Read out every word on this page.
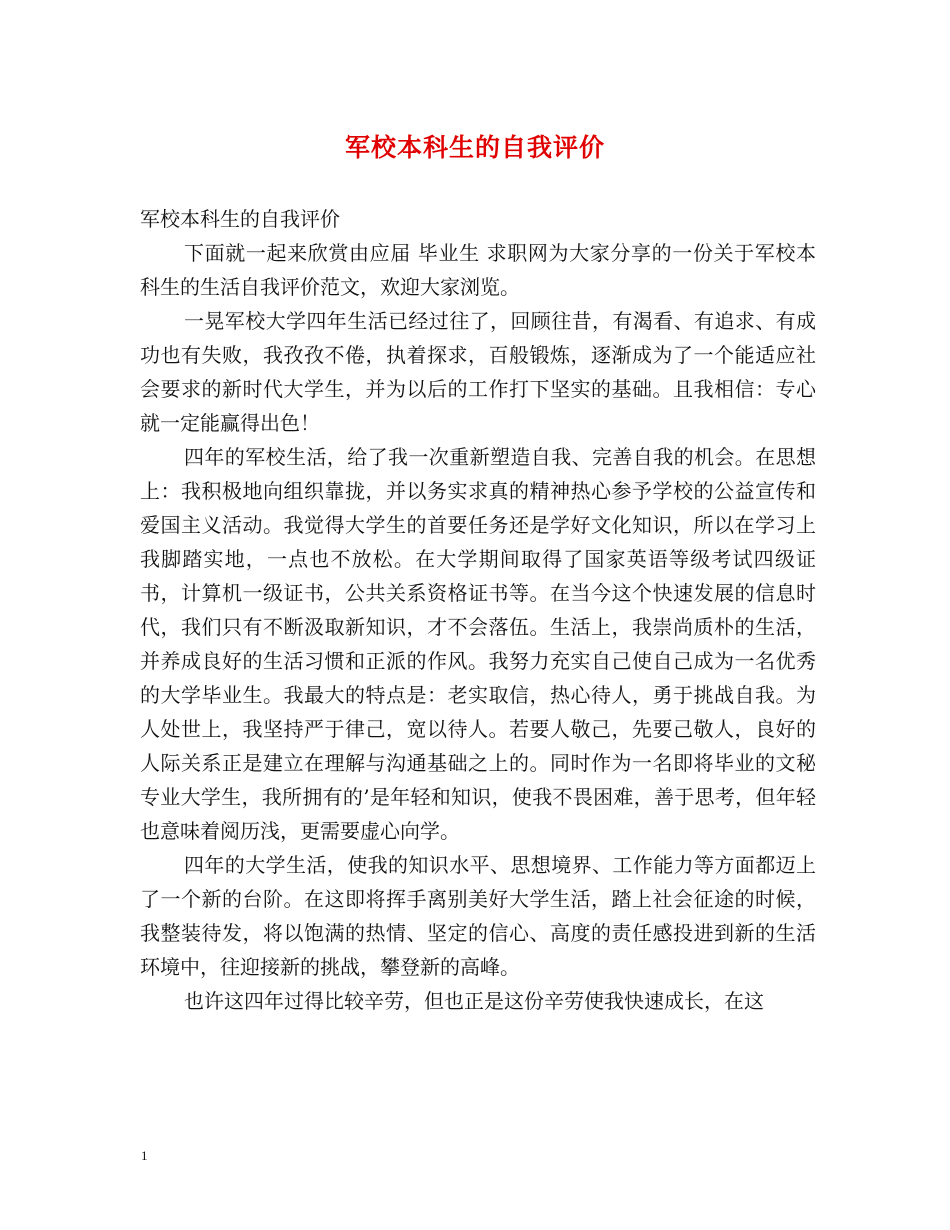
军校本科生的自我评价

军校本科生的自我评价

下面就一起来欣赏由应届 毕业生 求职网为大家分享的一份关于军校本科生的生活自我评价范文，欢迎大家浏览。

一晃军校大学四年生活已经过往了，回顾往昔，有渴看、有追求、有成功也有失败，我孜孜不倦，执着探求，百般锻炼，逐渐成为了一个能适应社会要求的新时代大学生，并为以后的工作打下坚实的基础。且我相信：专心就一定能赢得出色！

四年的军校生活，给了我一次重新塑造自我、完善自我的机会。在思想上：我积极地向组织靠拢，并以务实求真的精神热心参予学校的公益宣传和爱国主义活动。我觉得大学生的首要任务还是学好文化知识，所以在学习上我脚踏实地，一点也不放松。在大学期间取得了国家英语等级考试四级证书，计算机一级证书，公共关系资格证书等。在当今这个快速发展的信息时代，我们只有不断汲取新知识，才不会落伍。生活上，我崇尚质朴的生活，并养成良好的生活习惯和正派的作风。我努力充实自己使自己成为一名优秀的大学毕业生。我最大的特点是：老实取信，热心待人，勇于挑战自我。为人处世上，我坚持严于律己，宽以待人。若要人敬己，先要己敬人，良好的人际关系正是建立在理解与沟通基础之上的。同时作为一名即将毕业的文秘专业大学生，我所拥有的’是年轻和知识，使我不畏困难，善于思考，但年轻也意味着阅历浅，更需要虚心向学。

四年的大学生活，使我的知识水平、思想境界、工作能力等方面都迈上了一个新的台阶。在这即将挥手离别美好大学生活，踏上社会征途的时候，我整装待发，将以饱满的热情、坚定的信心、高度的责任感投进到新的生活环境中，往迎接新的挑战，攀登新的高峰。

也许这四年过得比较辛劳，但也正是这份辛劳使我快速成长，在这

1
